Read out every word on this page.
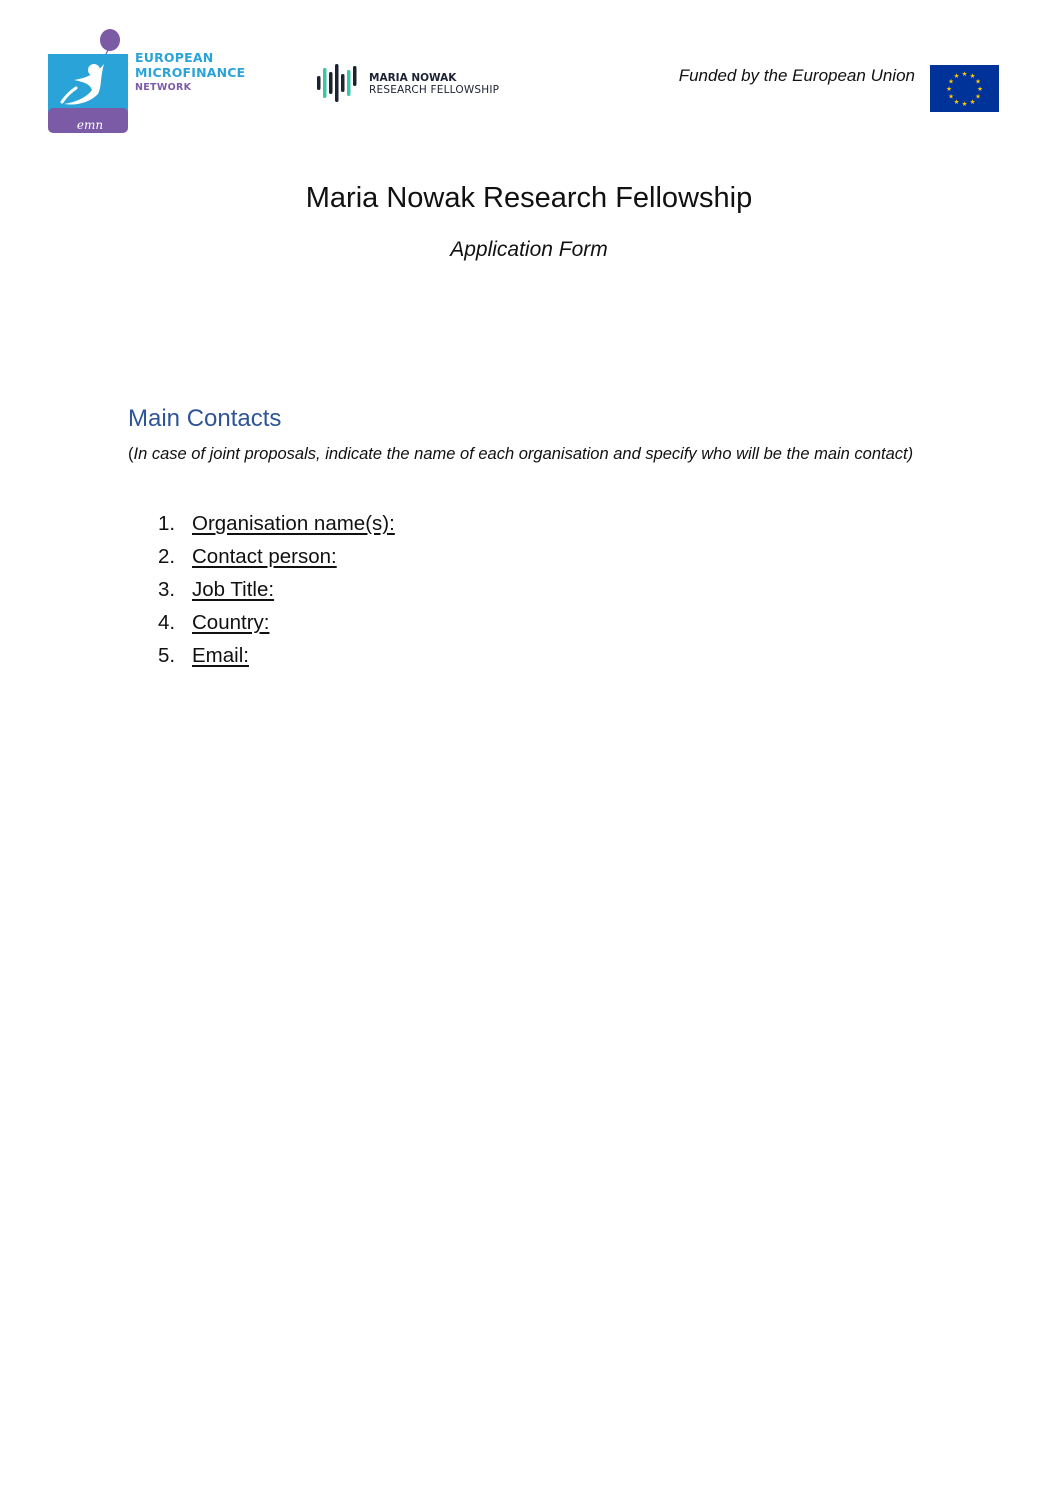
emn
EUROPEAN
MICROFINANCE
NETWORK
MARIA NOWAK
RESEARCH FELLOWSHIP
Funded by the European Union	★ ★
★
★
★
★
★
★
★
★
★
★
Maria Nowak Research Fellowship
Application Form
Main Contacts
(In case of joint proposals, indicate the name of each organisation and specify who will be the main contact)
1. Organisation name(s):
2. Contact person:
3. Job Title:
4. Country:
5. Email:
